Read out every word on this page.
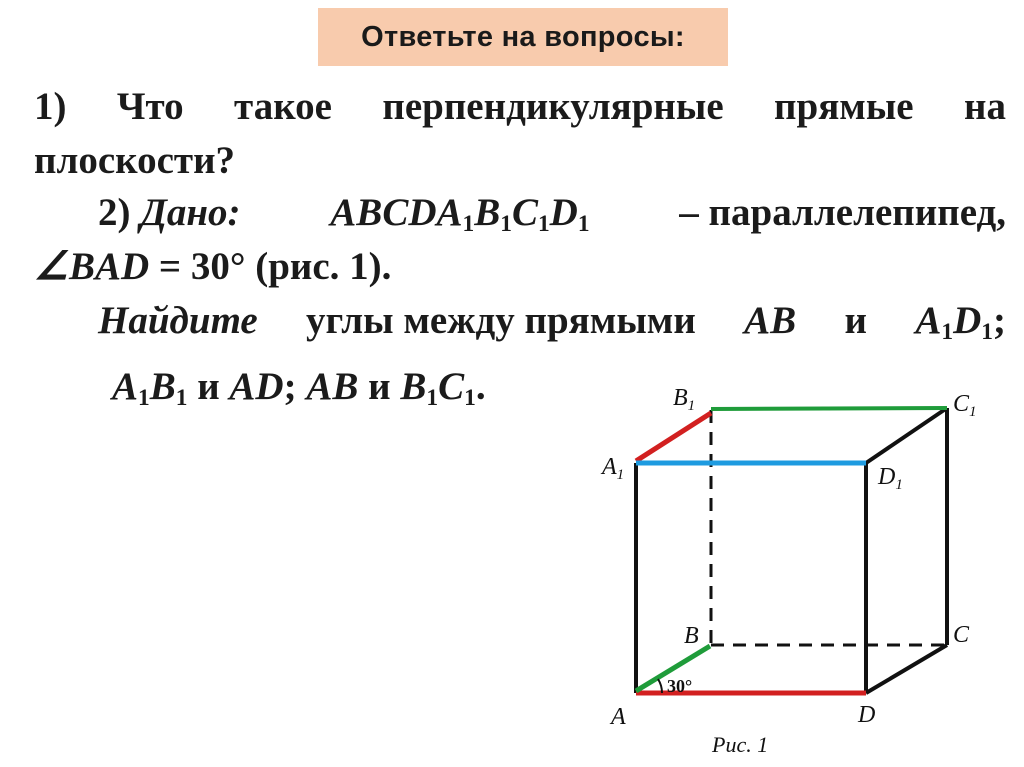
Ответьте на вопросы:
1) Что такое перпендикулярные прямые на
плоскости?
2) Дано: $ABCDA_1B_1C_1D_1$ – параллелепипед,
∠BAD = 30° (рис. 1).
Найдите углы между прямыми AB и $A_1D_1$;
$A_1B_1$ и AD; AB и $B_1C_1$.	$B_1$	$C_1$
$A_1$	$D_1$
B	C
A	D
30°
Рис. 1
